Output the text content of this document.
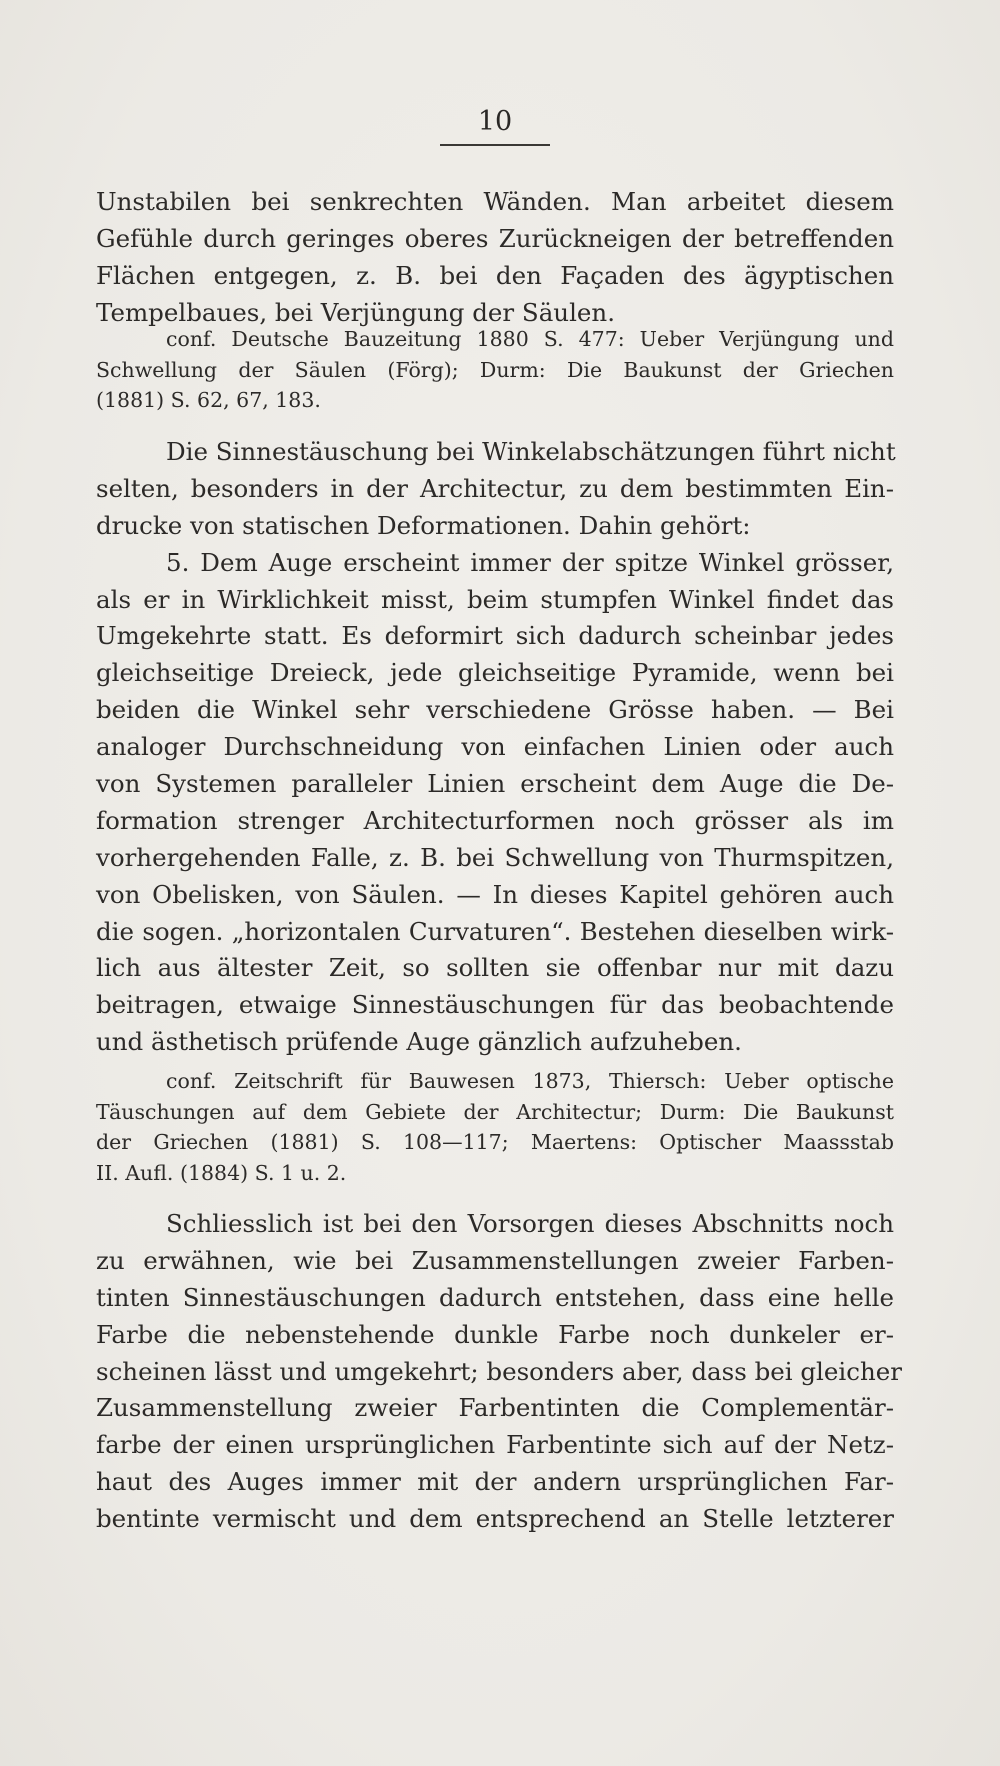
10
Unstabilen bei senkrechten Wänden. Man arbeitet diesem
Gefühle durch geringes oberes Zurückneigen der betreffenden
Flächen entgegen, z. B. bei den Façaden des ägyptischen
Tempelbaues, bei Verjüngung der Säulen.
conf. Deutsche Bauzeitung 1880 S. 477: Ueber Verjüngung und
Schwellung der Säulen (Förg); Durm: Die Baukunst der Griechen
(1881) S. 62, 67, 183.
Die Sinnestäuschung bei Winkelabschätzungen führt nicht
selten, besonders in der Architectur, zu dem bestimmten Ein-
drucke von statischen Deformationen. Dahin gehört:
5. Dem Auge erscheint immer der spitze Winkel grösser,
als er in Wirklichkeit misst, beim stumpfen Winkel findet das
Umgekehrte statt. Es deformirt sich dadurch scheinbar jedes
gleichseitige Dreieck, jede gleichseitige Pyramide, wenn bei
beiden die Winkel sehr verschiedene Grösse haben. — Bei
analoger Durchschneidung von einfachen Linien oder auch
von Systemen paralleler Linien erscheint dem Auge die De-
formation strenger Architecturformen noch grösser als im
vorhergehenden Falle, z. B. bei Schwellung von Thurmspitzen,
von Obelisken, von Säulen. — In dieses Kapitel gehören auch
die sogen. „horizontalen Curvaturen“. Bestehen dieselben wirk-
lich aus ältester Zeit, so sollten sie offenbar nur mit dazu
beitragen, etwaige Sinnestäuschungen für das beobachtende
und ästhetisch prüfende Auge gänzlich aufzuheben.
conf. Zeitschrift für Bauwesen 1873, Thiersch: Ueber optische
Täuschungen auf dem Gebiete der Architectur; Durm: Die Baukunst
der Griechen (1881) S. 108—117; Maertens: Optischer Maassstab
II. Aufl. (1884) S. 1 u. 2.
Schliesslich ist bei den Vorsorgen dieses Abschnitts noch
zu erwähnen, wie bei Zusammenstellungen zweier Farben-
tinten Sinnestäuschungen dadurch entstehen, dass eine helle
Farbe die nebenstehende dunkle Farbe noch dunkeler er-
scheinen lässt und umgekehrt; besonders aber, dass bei gleicher
Zusammenstellung zweier Farbentinten die Complementär-
farbe der einen ursprünglichen Farbentinte sich auf der Netz-
haut des Auges immer mit der andern ursprünglichen Far-
bentinte vermischt und dem entsprechend an Stelle letzterer
